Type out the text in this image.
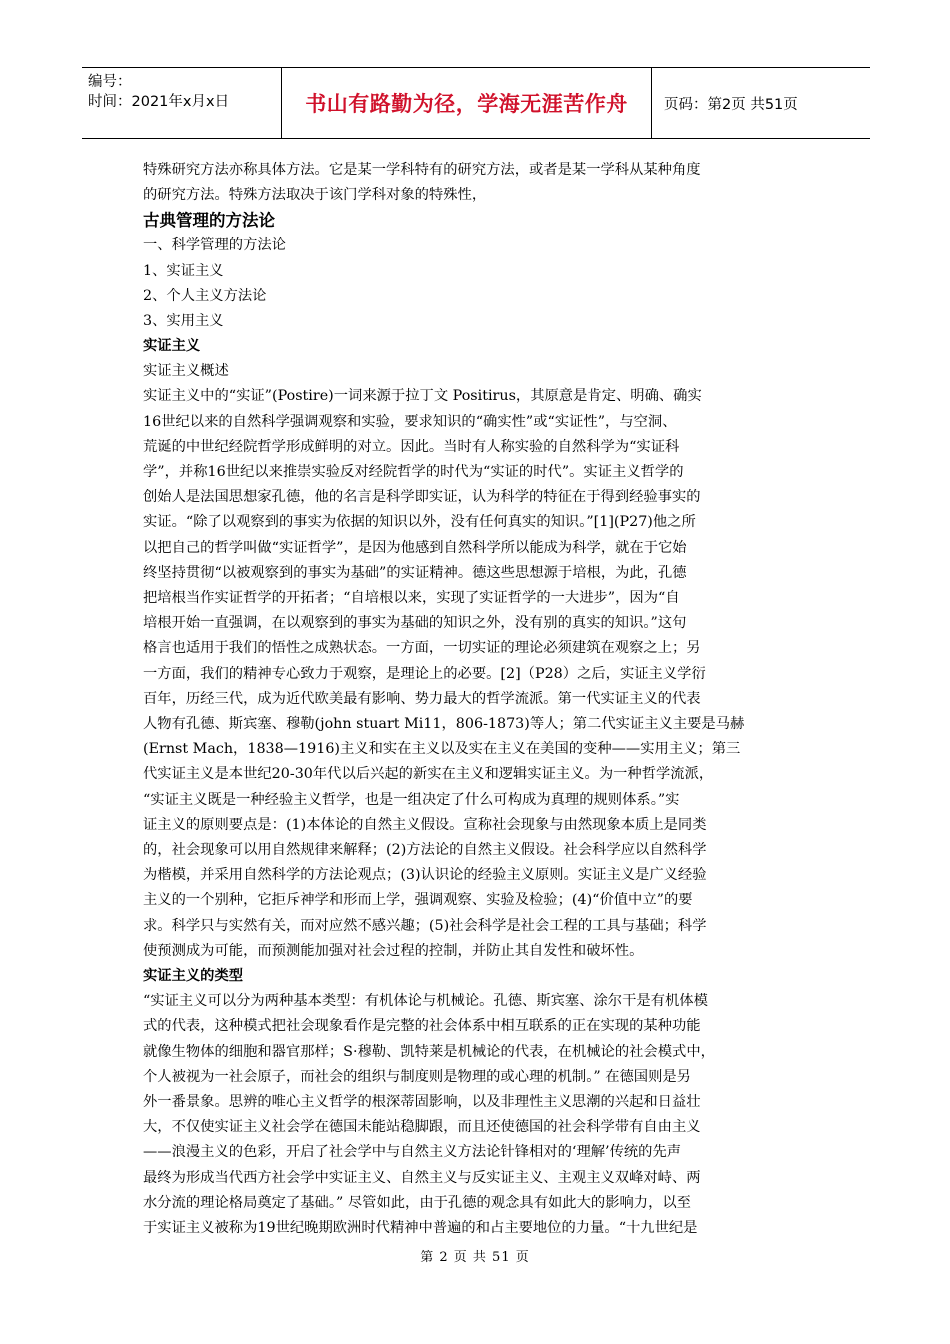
编号：
时间：2021年x月x日	书山有路勤为径，学海无涯苦作舟	页码：第2页 共51页

特殊研究方法亦称具体方法。它是某一学科特有的研究方法，或者是某一学科从某种角度

的研究方法。特殊方法取决于该门学科对象的特殊性，

古典管理的方法论

一、科学管理的方法论

1、实证主义

2、个人主义方法论

3、实用主义

实证主义

实证主义概述

实证主义中的“实证”(Postire)一词来源于拉丁文 Positirus，其原意是肯定、明确、确实

16世纪以来的自然科学强调观察和实验，要求知识的“确实性”或“实证性”，与空洞、

荒诞的中世纪经院哲学形成鲜明的对立。因此。当时有人称实验的自然科学为“实证科

学”，并称16世纪以来推崇实验反对经院哲学的时代为“实证的时代”。实证主义哲学的

创始人是法国思想家孔德，他的名言是科学即实证，认为科学的特征在于得到经验事实的

实证。“除了以观察到的事实为依据的知识以外，没有任何真实的知识。”[1](P27)他之所

以把自己的哲学叫做“实证哲学”，是因为他感到自然科学所以能成为科学，就在于它始

终坚持贯彻“以被观察到的事实为基础”的实证精神。德这些思想源于培根，为此，孔德

把培根当作实证哲学的开拓者；“自培根以来，实现了实证哲学的一大进步”，因为“自

培根开始一直强调，在以观察到的事实为基础的知识之外，没有别的真实的知识。”这句

格言也适用于我们的悟性之成熟状态。一方面，一切实证的理论必须建筑在观察之上；另

一方面，我们的精神专心致力于观察，是理论上的必要。[2]（P28）之后，实证主义学衍

百年，历经三代，成为近代欧美最有影响、势力最大的哲学流派。第一代实证主义的代表

人物有孔德、斯宾塞、穆勒(john stuart Mi11，806-1873)等人；第二代实证主义主要是马赫

(Ernst Mach，1838—1916)主义和实在主义以及实在主义在美国的变种——实用主义；第三

代实证主义是本世纪20-30年代以后兴起的新实在主义和逻辑实证主义。为一种哲学流派，

“实证主义既是一种经验主义哲学，也是一组决定了什么可构成为真理的规则体系。”实

证主义的原则要点是：(1)本体论的自然主义假设。宣称社会现象与由然现象本质上是同类

的，社会现象可以用自然规律来解释；(2)方法论的自然主义假设。社会科学应以自然科学

为楷模，并采用自然科学的方法论观点；(3)认识论的经验主义原则。实证主义是广义经验

主义的一个别种，它拒斥神学和形而上学，强调观察、实验及检验；(4)“价值中立”的要

求。科学只与实然有关，而对应然不感兴趣；(5)社会科学是社会工程的工具与基础；科学

使预测成为可能，而预测能加强对社会过程的控制，并防止其自发性和破坏性。

实证主义的类型

“实证主义可以分为两种基本类型：有机体论与机械论。孔德、斯宾塞、涂尔干是有机体模

式的代表，这种模式把社会现象看作是完整的社会体系中相互联系的正在实现的某种功能

就像生物体的细胞和器官那样；S·穆勒、凯特莱是机械论的代表，在机械论的社会模式中，

个人被视为一社会原子，而社会的组织与制度则是物理的或心理的机制。” 在德国则是另

外一番景象。思辨的唯心主义哲学的根深蒂固影响，以及非理性主义思潮的兴起和日益壮

大，不仅使实证主义社会学在德国未能站稳脚跟，而且还使德国的社会科学带有自由主义

——浪漫主义的色彩，开启了社会学中与自然主义方法论针锋相对的‘理解’传统的先声

最终为形成当代西方社会学中实证主义、自然主义与反实证主义、主观主义双峰对峙、两

水分流的理论格局奠定了基础。” 尽管如此，由于孔德的观念具有如此大的影响力，以至

于实证主义被称为19世纪晚期欧洲时代精神中普遍的和占主要地位的力量。“十九世纪是

第 2 页 共 51 页
